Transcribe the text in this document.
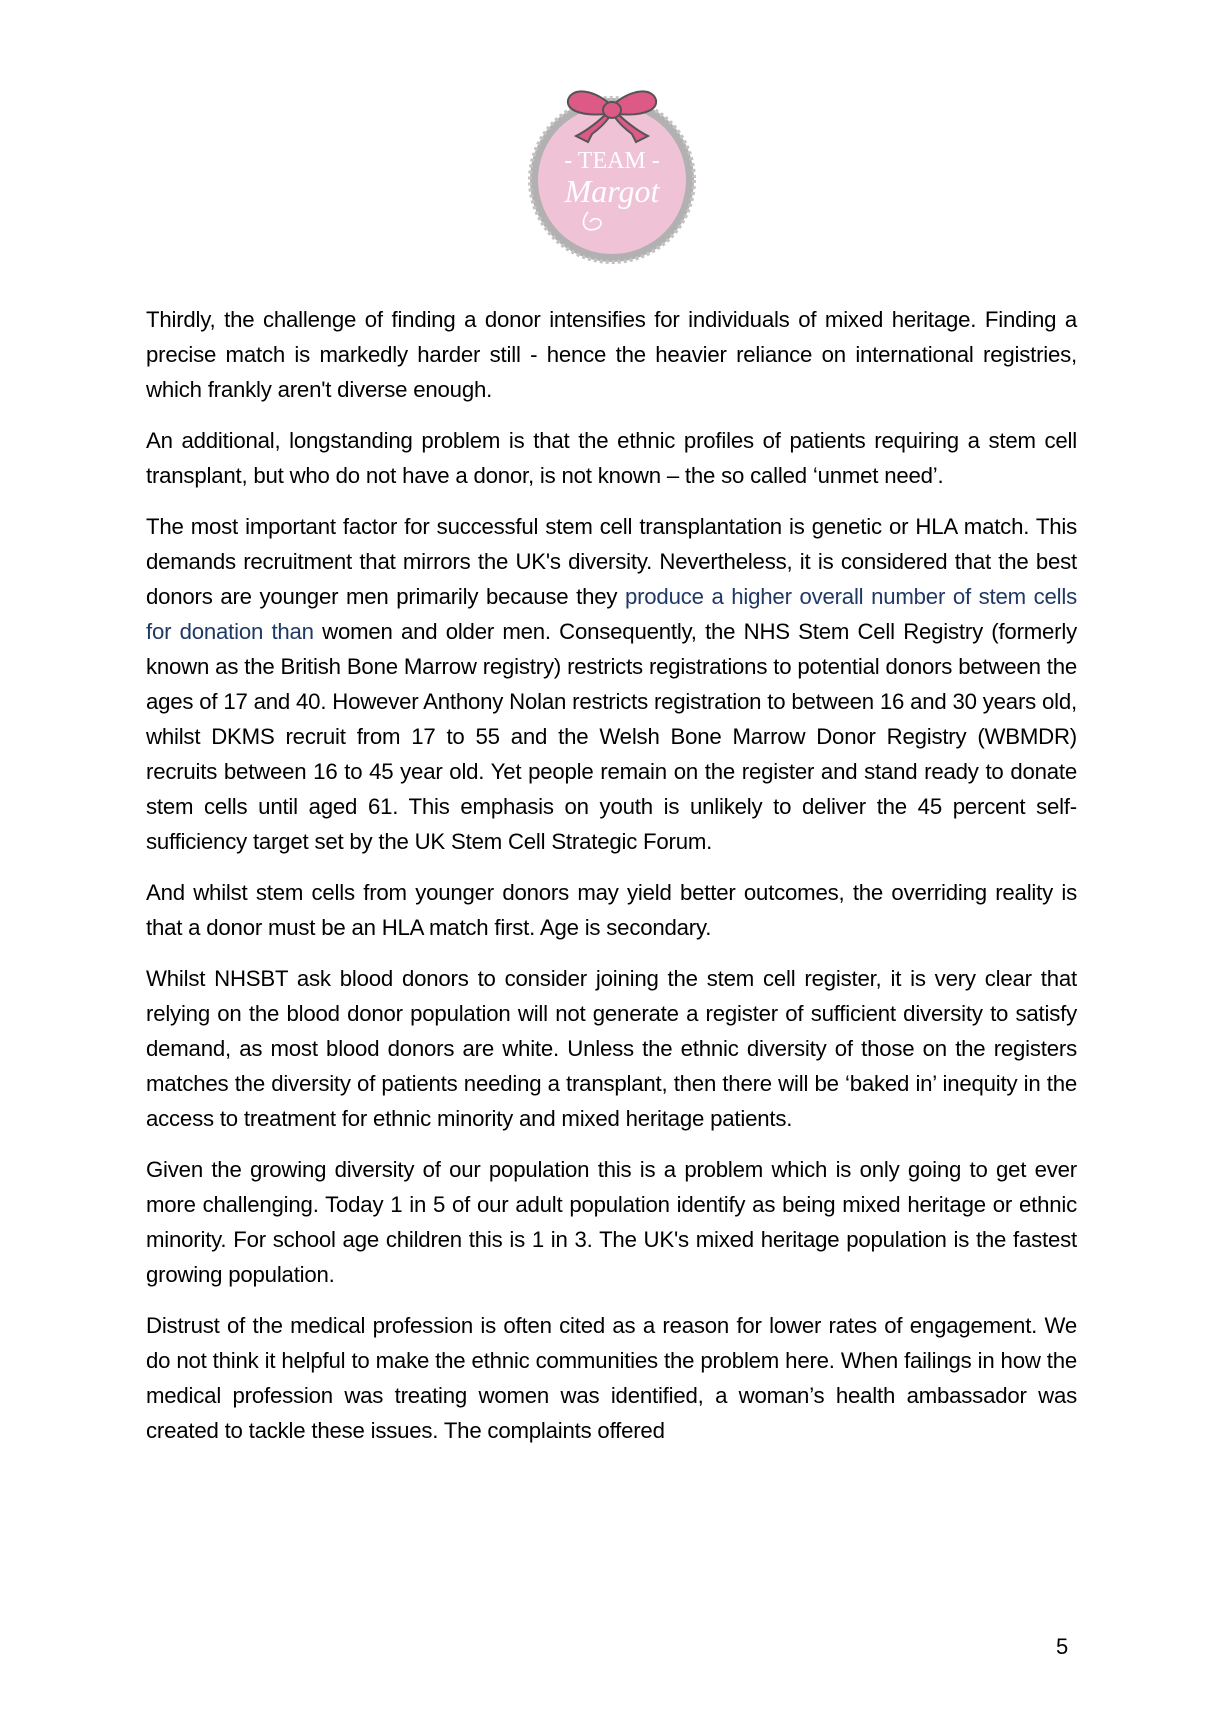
- TEAM -
Margot

Thirdly, the challenge of finding a donor intensifies for individuals of mixed heritage. Finding a precise match is markedly harder still - hence the heavier reliance on international registries, which frankly aren't diverse enough.

An additional, longstanding problem is that the ethnic profiles of patients requiring a stem cell transplant, but who do not have a donor, is not known – the so called ‘unmet need’.

The most important factor for successful stem cell transplantation is genetic or HLA match. This demands recruitment that mirrors the UK's diversity. Nevertheless, it is considered that the best donors are younger men primarily because they produce a higher overall number of stem cells for donation than women and older men. Consequently, the NHS Stem Cell Registry (formerly known as the British Bone Marrow registry) restricts registrations to potential donors between the ages of 17 and 40. However Anthony Nolan restricts registration to between 16 and 30 years old, whilst DKMS recruit from 17 to 55 and the Welsh Bone Marrow Donor Registry (WBMDR) recruits between 16 to 45 year old. Yet people remain on the register and stand ready to donate stem cells until aged 61. This emphasis on youth is unlikely to deliver the 45 percent self-sufficiency target set by the UK Stem Cell Strategic Forum.

And whilst stem cells from younger donors may yield better outcomes, the overriding reality is that a donor must be an HLA match first. Age is secondary.

Whilst NHSBT ask blood donors to consider joining the stem cell register, it is very clear that relying on the blood donor population will not generate a register of sufficient diversity to satisfy demand, as most blood donors are white. Unless the ethnic diversity of those on the registers matches the diversity of patients needing a transplant, then there will be ‘baked in’ inequity in the access to treatment for ethnic minority and mixed heritage patients.

Given the growing diversity of our population this is a problem which is only going to get ever more challenging. Today 1 in 5 of our adult population identify as being mixed heritage or ethnic minority. For school age children this is 1 in 3. The UK's mixed heritage population is the fastest growing population.

Distrust of the medical profession is often cited as a reason for lower rates of engagement. We do not think it helpful to make the ethnic communities the problem here. When failings in how the medical profession was treating women was identified, a woman’s health ambassador was created to tackle these issues. The complaints offered

5
